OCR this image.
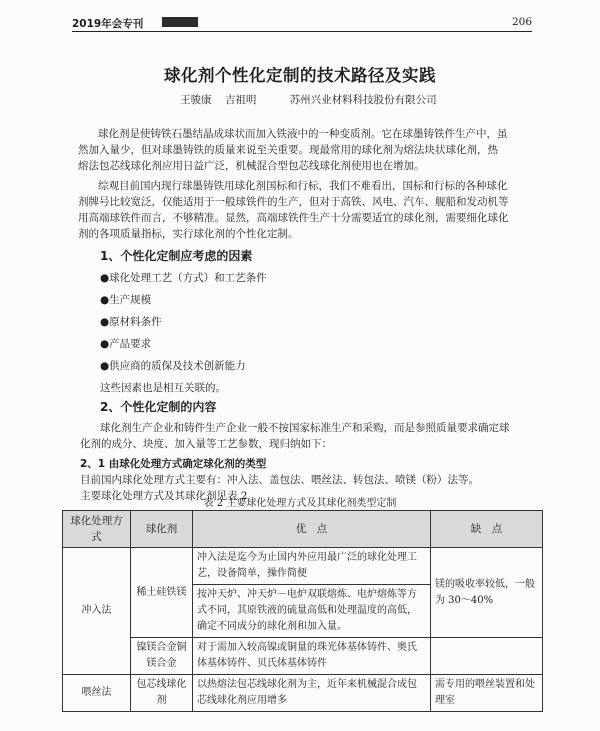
2019年会专刊	206
球化剂个性化定制的技术路径及实践
王骏康 吉祖明	苏州兴业材料科技股份有限公司
球化剂是使铸铁石墨结晶成球状而加入铁液中的一种变质剂。它在球墨铸铁件生产中，虽
然加入量少，但对球墨铸铁的质量来说至关重要。现最常用的球化剂为熔法块状球化剂，热
熔法包芯线球化剂应用日益广泛，机械混合型包芯线球化剂使用也在增加。
综观目前国内现行球墨铸铁用球化剂国标和行标，我们不难看出，国标和行标的各种球化
剂牌号比较宽泛，仅能适用于一般球铁件的生产，但对于高铁、风电、汽车、舰船和发动机等
用高端球铁件而言，不够精准。显然，高端球铁件生产十分需要适宜的球化剂，需要细化球化
剂的各项质量指标，实行球化剂的个性化定制。
1、个性化定制应考虑的因素
●球化处理工艺（方式）和工艺条件
●生产规模
●原材料条件
●产品要求
●供应商的质保及技术创新能力
这些因素也是相互关联的。
2、个性化定制的内容
球化剂生产企业和铸件生产企业一般不按国家标准生产和采购，而是参照质量要求确定球
化剂的成分、块度、加入量等工艺参数，现归纳如下：
2、1 由球化处理方式确定球化剂的类型
目前国内球化处理方式主要有：冲入法、盖包法、喂丝法、转包法、喷镁（粉）法等。
主要球化处理方式及其球化剂见表 2
表 2 主要球化处理方式及其球化剂类型定制
球化处理方式	球化剂	优　点	缺　点
冲入法	稀土硅铁镁	冲入法是迄今为止国内外应用最广泛的球化处理工艺，设备简单，操作简便	镁的吸收率较低，一般为 30～40%
		按冲天炉、冲天炉－电炉双联熔炼、电炉熔炼等方式不同，其原铁液的硫量高低和处理温度的高低，确定不同成分的球化剂和加入量。	
	镍镁合金铜镁合金	对于需加入较高镍或铜量的珠光体基体铸件、奥氏体基体铸件、贝氏体基体铸件	
喂丝法	包芯线球化剂	以热熔法包芯线球化剂为主，近年来机械混合成包芯线球化剂应用增多	需专用的喂丝装置和处理室
